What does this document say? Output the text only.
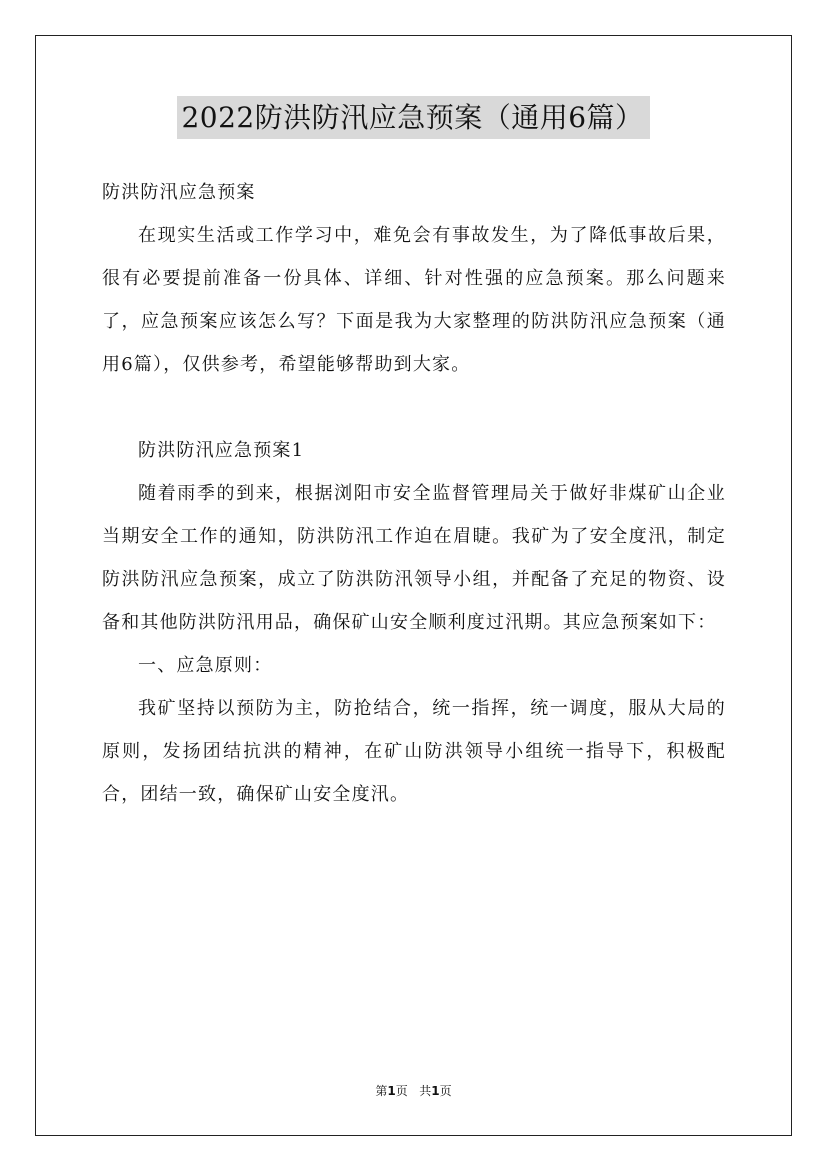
2022防洪防汛应急预案（通用6篇）

防洪防汛应急预案

在现实生活或工作学习中，难免会有事故发生，为了降低事故后果，很有必要提前准备一份具体、详细、针对性强的应急预案。那么问题来了，应急预案应该怎么写？下面是我为大家整理的防洪防汛应急预案（通用6篇），仅供参考，希望能够帮助到大家。

防洪防汛应急预案1

随着雨季的到来，根据浏阳市安全监督管理局关于做好非煤矿山企业当期安全工作的通知，防洪防汛工作迫在眉睫。我矿为了安全度汛，制定防洪防汛应急预案，成立了防洪防汛领导小组，并配备了充足的物资、设备和其他防洪防汛用品，确保矿山安全顺利度过汛期。其应急预案如下：

一、应急原则：

我矿坚持以预防为主，防抢结合，统一指挥，统一调度，服从大局的原则，发扬团结抗洪的精神，在矿山防洪领导小组统一指导下，积极配合，团结一致，确保矿山安全度汛。

第1页 共1页
